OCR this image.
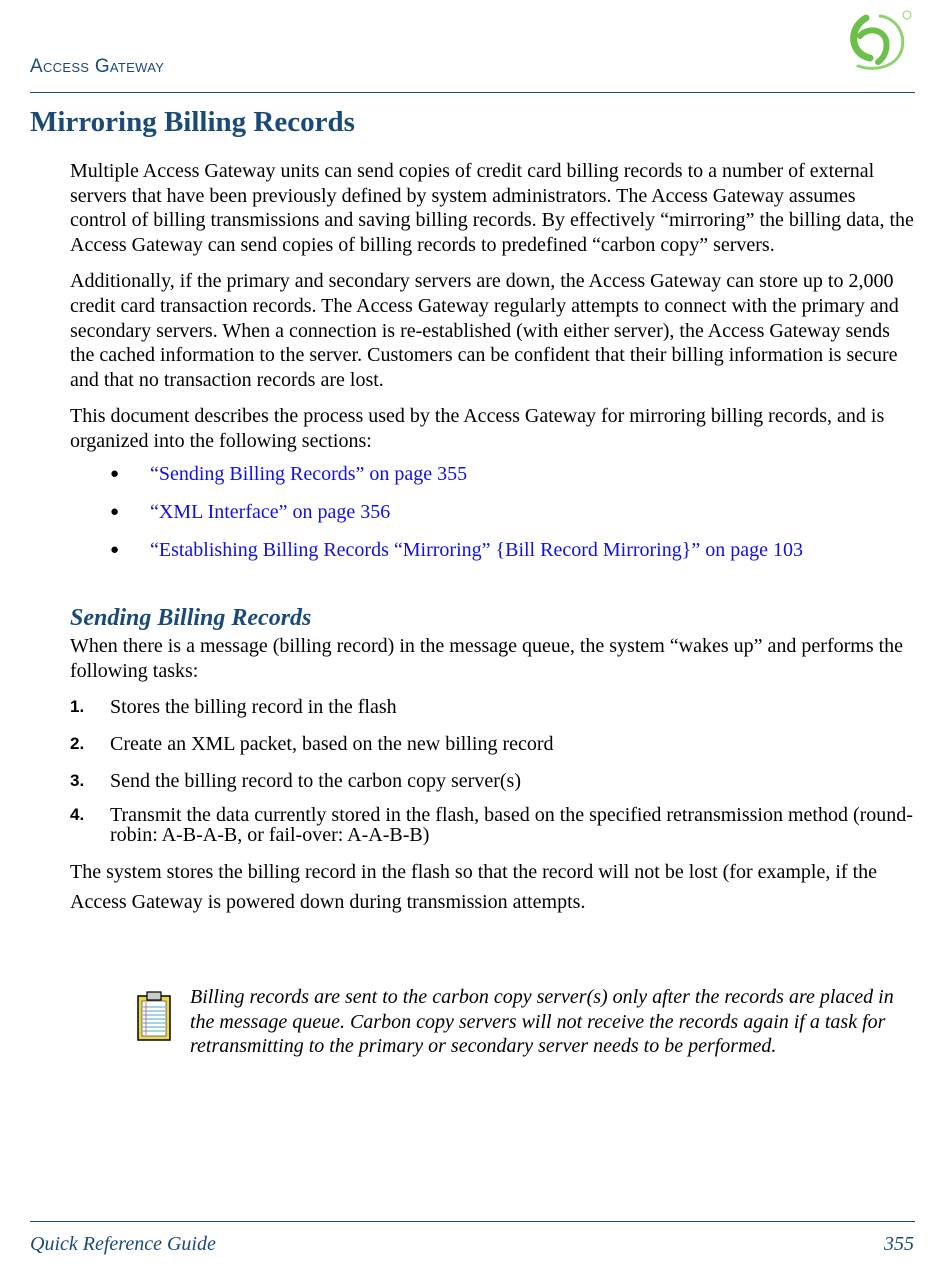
Access Gateway
Mirroring Billing Records

Multiple Access Gateway units can send copies of credit card billing records to a number of external servers that have been previously defined by system administrators. The Access Gateway assumes control of billing transmissions and saving billing records. By effectively “mirroring” the billing data, the Access Gateway can send copies of billing records to predefined “carbon copy” servers.

Additionally, if the primary and secondary servers are down, the Access Gateway can store up to 2,000 credit card transaction records. The Access Gateway regularly attempts to connect with the primary and secondary servers. When a connection is re-established (with either server), the Access Gateway sends the cached information to the server. Customers can be confident that their billing information is secure and that no transaction records are lost.

This document describes the process used by the Access Gateway for mirroring billing records, and is organized into the following sections:

● “Sending Billing Records” on page 355
● “XML Interface” on page 356
● “Establishing Billing Records “Mirroring” {Bill Record Mirroring}” on page 103
Sending Billing Records

When there is a message (billing record) in the message queue, the system “wakes up” and performs the following tasks:

1. Stores the billing record in the flash
2. Create an XML packet, based on the new billing record
3. Send the billing record to the carbon copy server(s)
4. Transmit the data currently stored in the flash, based on the specified retransmission method (round-robin: A-B-A-B, or fail-over: A-A-B-B)

The system stores the billing record in the flash so that the record will not be lost (for example, if the Access Gateway is powered down during transmission attempts.

Billing records are sent to the carbon copy server(s) only after the records are placed in the message queue. Carbon copy servers will not receive the records again if a task for retransmitting to the primary or secondary server needs to be performed.
Quick Reference Guide	355
